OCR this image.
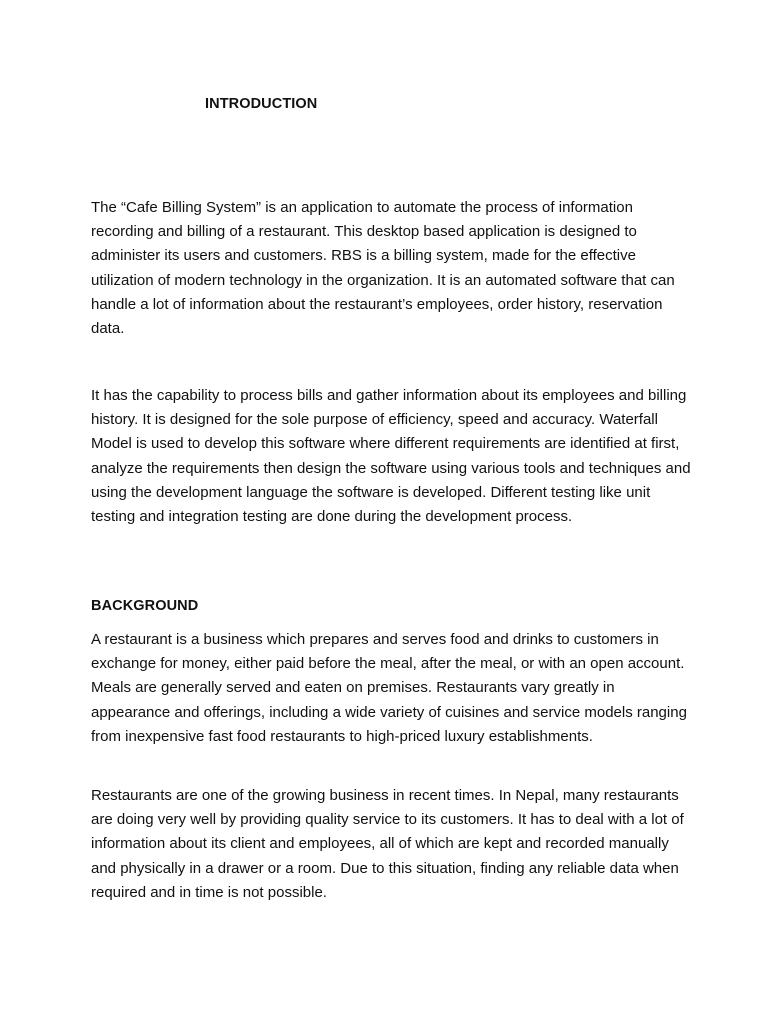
INTRODUCTION

The “Cafe Billing System” is an application to automate the process of information recording and billing of a restaurant. This desktop based application is designed to administer its users and customers. RBS is a billing system, made for the effective utilization of modern technology in the organization. It is an automated software that can handle a lot of information about the restaurant’s employees, order history, reservation data.

It has the capability to process bills and gather information about its employees and billing history. It is designed for the sole purpose of efficiency, speed and accuracy. Waterfall Model is used to develop this software where different requirements are identified at first, analyze the requirements then design the software using various tools and techniques and using the development language the software is developed. Different testing like unit testing and integration testing are done during the development process.

BACKGROUND

A restaurant is a business which prepares and serves food and drinks to customers in exchange for money, either paid before the meal, after the meal, or with an open account. Meals are generally served and eaten on premises. Restaurants vary greatly in appearance and offerings, including a wide variety of cuisines and service models ranging from inexpensive fast food restaurants to high-priced luxury establishments.

Restaurants are one of the growing business in recent times. In Nepal, many restaurants are doing very well by providing quality service to its customers. It has to deal with a lot of information about its client and employees, all of which are kept and recorded manually and physically in a drawer or a room. Due to this situation, finding any reliable data when required and in time is not possible.
